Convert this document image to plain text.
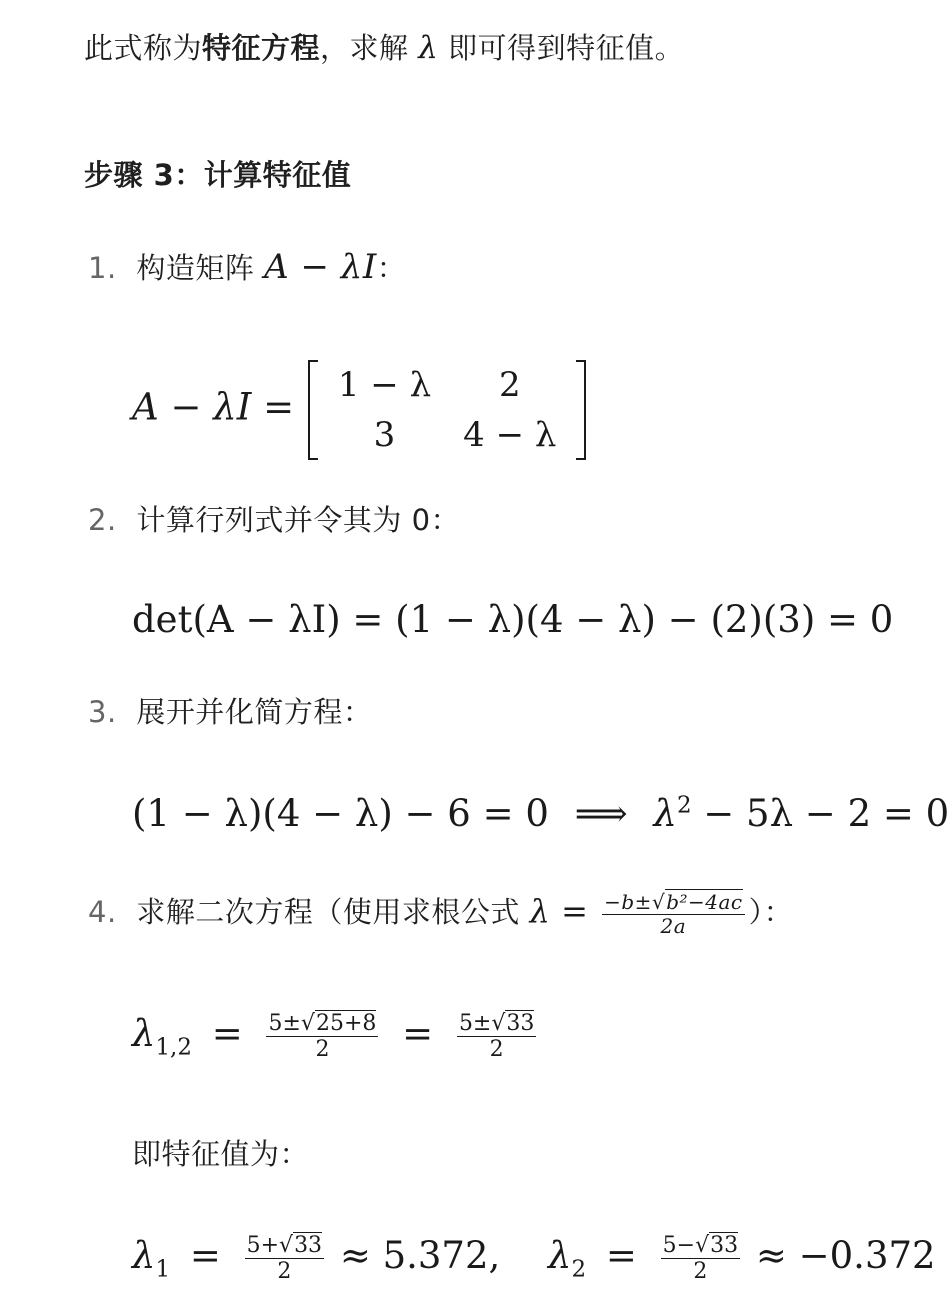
此式称为特征方程，求解 λ 即可得到特征值。
步骤 3：计算特征值
1. 构造矩阵 A − λI：
A − λI =
1 − λ	2
3	4 − λ
2. 计算行列式并令其为 0：
det(A − λI) = (1 − λ)(4 − λ) − (2)(3) = 0
3. 展开并化简方程：
(1 − λ)(4 − λ) − 6 = 0 ⟹ $\lambda^2 - 5\lambda - 2 = 0$
4. 求解二次方程（使用求根公式 $\lambda = \frac{\text{−b±√b²−4ac}}{2a}$ ）：
$\lambda_{1,2} = \frac{5\pm√25+8}{2} = \frac{5\pm√33}{2}$
即特征值为：
$\lambda_1 = \frac{5+√33}{2} \approx 5.372$, $\lambda_2 = \frac{5-√33}{2} \approx -0.372$
